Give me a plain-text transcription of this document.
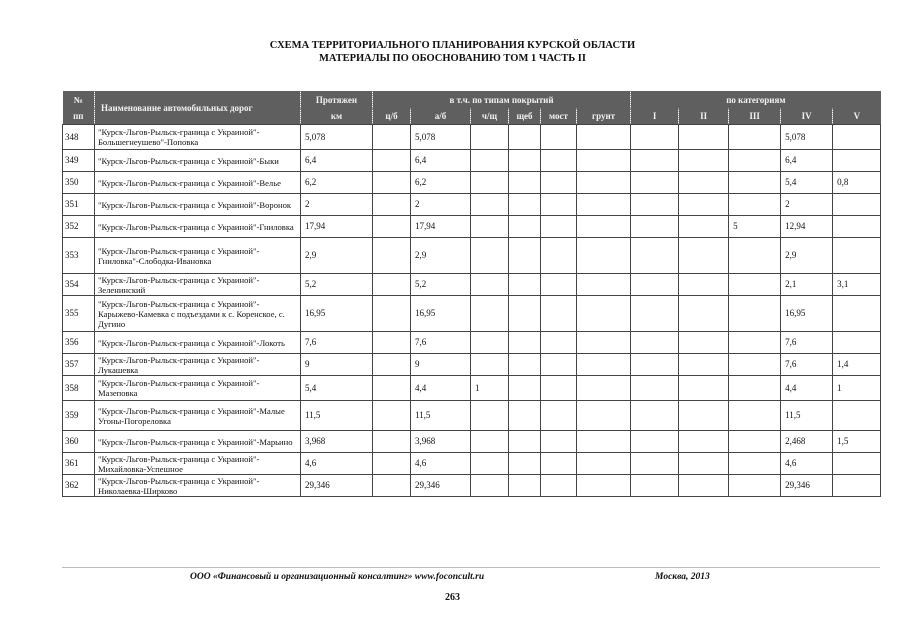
СХЕМА ТЕРРИТОРИАЛЬНОГО ПЛАНИРОВАНИЯ КУРСКОЙ ОБЛАСТИ
МАТЕРИАЛЫ ПО ОБОСНОВАНИЮ ТОМ 1 ЧАСТЬ II
№	Наименование автомобильных дорог	Протяжен	в т.ч. по типам покрытий						по категориям				
пп		км	ц/б	а/б	ч/щ	щеб	мост	грунт	I	II	III	IV	V
348	"Курск-Льгов-Рыльск-граница с Украиной"-Большегнеушево"-Поповка	5,078		5,078								5,078	
349	"Курск-Льгов-Рыльск-граница с Украиной"-Быки	6,4		6,4								6,4	
350	"Курск-Льгов-Рыльск-граница с Украиной"-Велье	6,2		6,2								5,4	0,8
351	"Курск-Льгов-Рыльск-граница с Украиной"-Воронок	2		2								2	
352	"Курск-Льгов-Рыльск-граница с Украиной"-Гниловка	17,94		17,94							5	12,94	
353	"Курск-Льгов-Рыльск-граница с Украиной"-Гниловка"-Слободка-Ивановка	2,9		2,9								2,9	
354	"Курск-Льгов-Рыльск-граница с Украиной"-Зеленинский	5,2		5,2								2,1	3,1
355	"Курск-Льгов-Рыльск-граница с Украиной"-Карыжево-Камевка с подъездами к с. Коренское, с. Дугино	16,95		16,95								16,95	
356	"Курск-Льгов-Рыльск-граница с Украиной"-Локоть	7,6		7,6								7,6	
357	"Курск-Льгов-Рыльск-граница с Украиной"-Лукашевка	9		9								7,6	1,4
358	"Курск-Льгов-Рыльск-граница с Украиной"-Мазеповка	5,4		4,4	1							4,4	1
359	"Курск-Льгов-Рыльск-граница с Украиной"-Малые Угоны-Погореловка	11,5		11,5								11,5	
360	"Курск-Льгов-Рыльск-граница с Украиной"-Марьино	3,968		3,968								2,468	1,5
361	"Курск-Льгов-Рыльск-граница с Украиной"-Михайловка-Успешное	4,6		4,6								4,6	
362	"Курск-Льгов-Рыльск-граница с Украиной"-Николаевка-Ширково	29,346		29,346								29,346	
ООО «Финансовый и организационный консалтинг» www.foconcult.ru	Москва, 2013
263
